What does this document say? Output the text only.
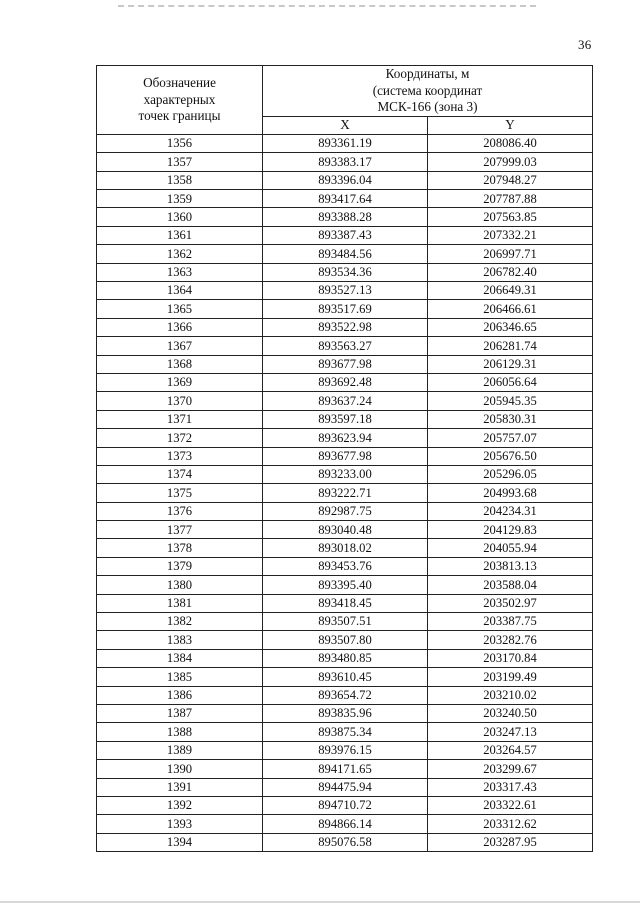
36
Обозначение
характерных
точек границы	Координаты, м
(система координат
МСК-166 (зона 3)	
	X	Y
1356	893361.19	208086.40
1357	893383.17	207999.03
1358	893396.04	207948.27
1359	893417.64	207787.88
1360	893388.28	207563.85
1361	893387.43	207332.21
1362	893484.56	206997.71
1363	893534.36	206782.40
1364	893527.13	206649.31
1365	893517.69	206466.61
1366	893522.98	206346.65
1367	893563.27	206281.74
1368	893677.98	206129.31
1369	893692.48	206056.64
1370	893637.24	205945.35
1371	893597.18	205830.31
1372	893623.94	205757.07
1373	893677.98	205676.50
1374	893233.00	205296.05
1375	893222.71	204993.68
1376	892987.75	204234.31
1377	893040.48	204129.83
1378	893018.02	204055.94
1379	893453.76	203813.13
1380	893395.40	203588.04
1381	893418.45	203502.97
1382	893507.51	203387.75
1383	893507.80	203282.76
1384	893480.85	203170.84
1385	893610.45	203199.49
1386	893654.72	203210.02
1387	893835.96	203240.50
1388	893875.34	203247.13
1389	893976.15	203264.57
1390	894171.65	203299.67
1391	894475.94	203317.43
1392	894710.72	203322.61
1393	894866.14	203312.62
1394	895076.58	203287.95
